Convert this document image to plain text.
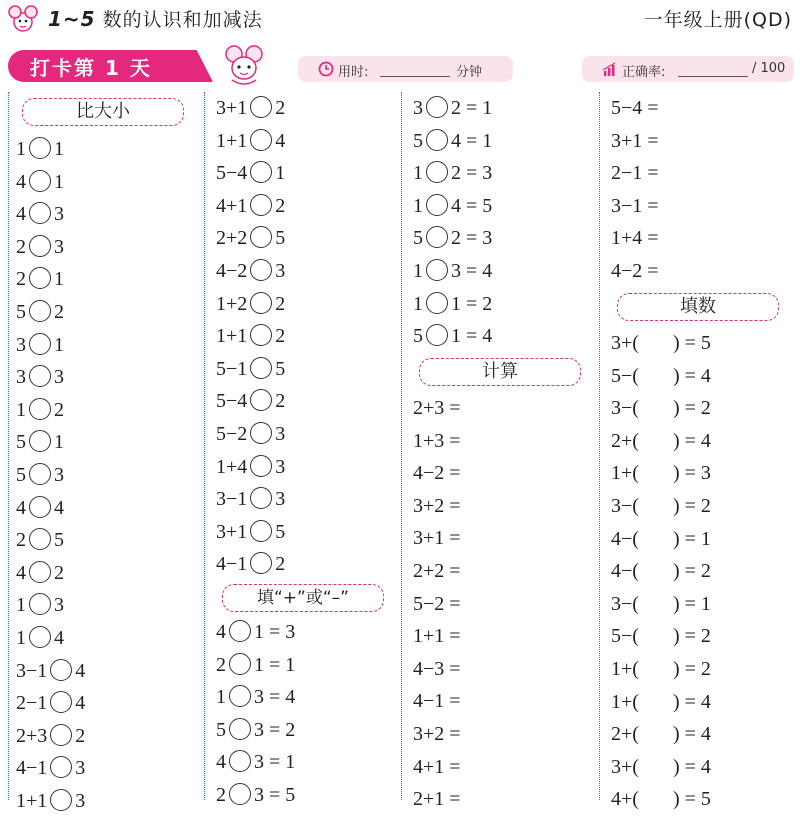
1~5 数的认识和加减法	一年级上册(QD)
打卡第 1 天	用时:	分钟	正确率:	/ 100
比大小
1 1
4 1
4 3
2 3
2 1
5 2
3 1
3 3
1 2
5 1
5 3
4 4
2 5
4 2
1 3
1 4
3−1 4
2−1 4
2+3 2
4−1 3
1+1 3
填“+”或“–”
3+1 2
1+1 4
5−4 1
4+1 2
2+2 5
4−2 3
1+2 2
1+1 2
5−1 5
5−4 2
5−2 3
1+4 3
3−1 3
3+1 5
4−1 2
4 1 = 3
2 1 = 1
1 3 = 4
5 3 = 2
4 3 = 1
2 3 = 5
计算
3 2 = 1
5 4 = 1
1 2 = 3
1 4 = 5
5 2 = 3
1 3 = 4
1 1 = 2
5 1 = 4
2+3 =
1+3 =
4−2 =
3+2 =
3+1 =
2+2 =
5−2 =
1+1 =
4−3 =
4−1 =
3+2 =
4+1 =
2+1 =
填数
5−4 =
3+1 =
2−1 =
3−1 =
1+4 =
4−2 =
3+( ) = 5
5−( ) = 4
3−( ) = 2
2+( ) = 4
1+( ) = 3
3−( ) = 2
4−( ) = 1
4−( ) = 2
3−( ) = 1
5−( ) = 2
1+( ) = 2
1+( ) = 4
2+( ) = 4
3+( ) = 4
4+( ) = 5
